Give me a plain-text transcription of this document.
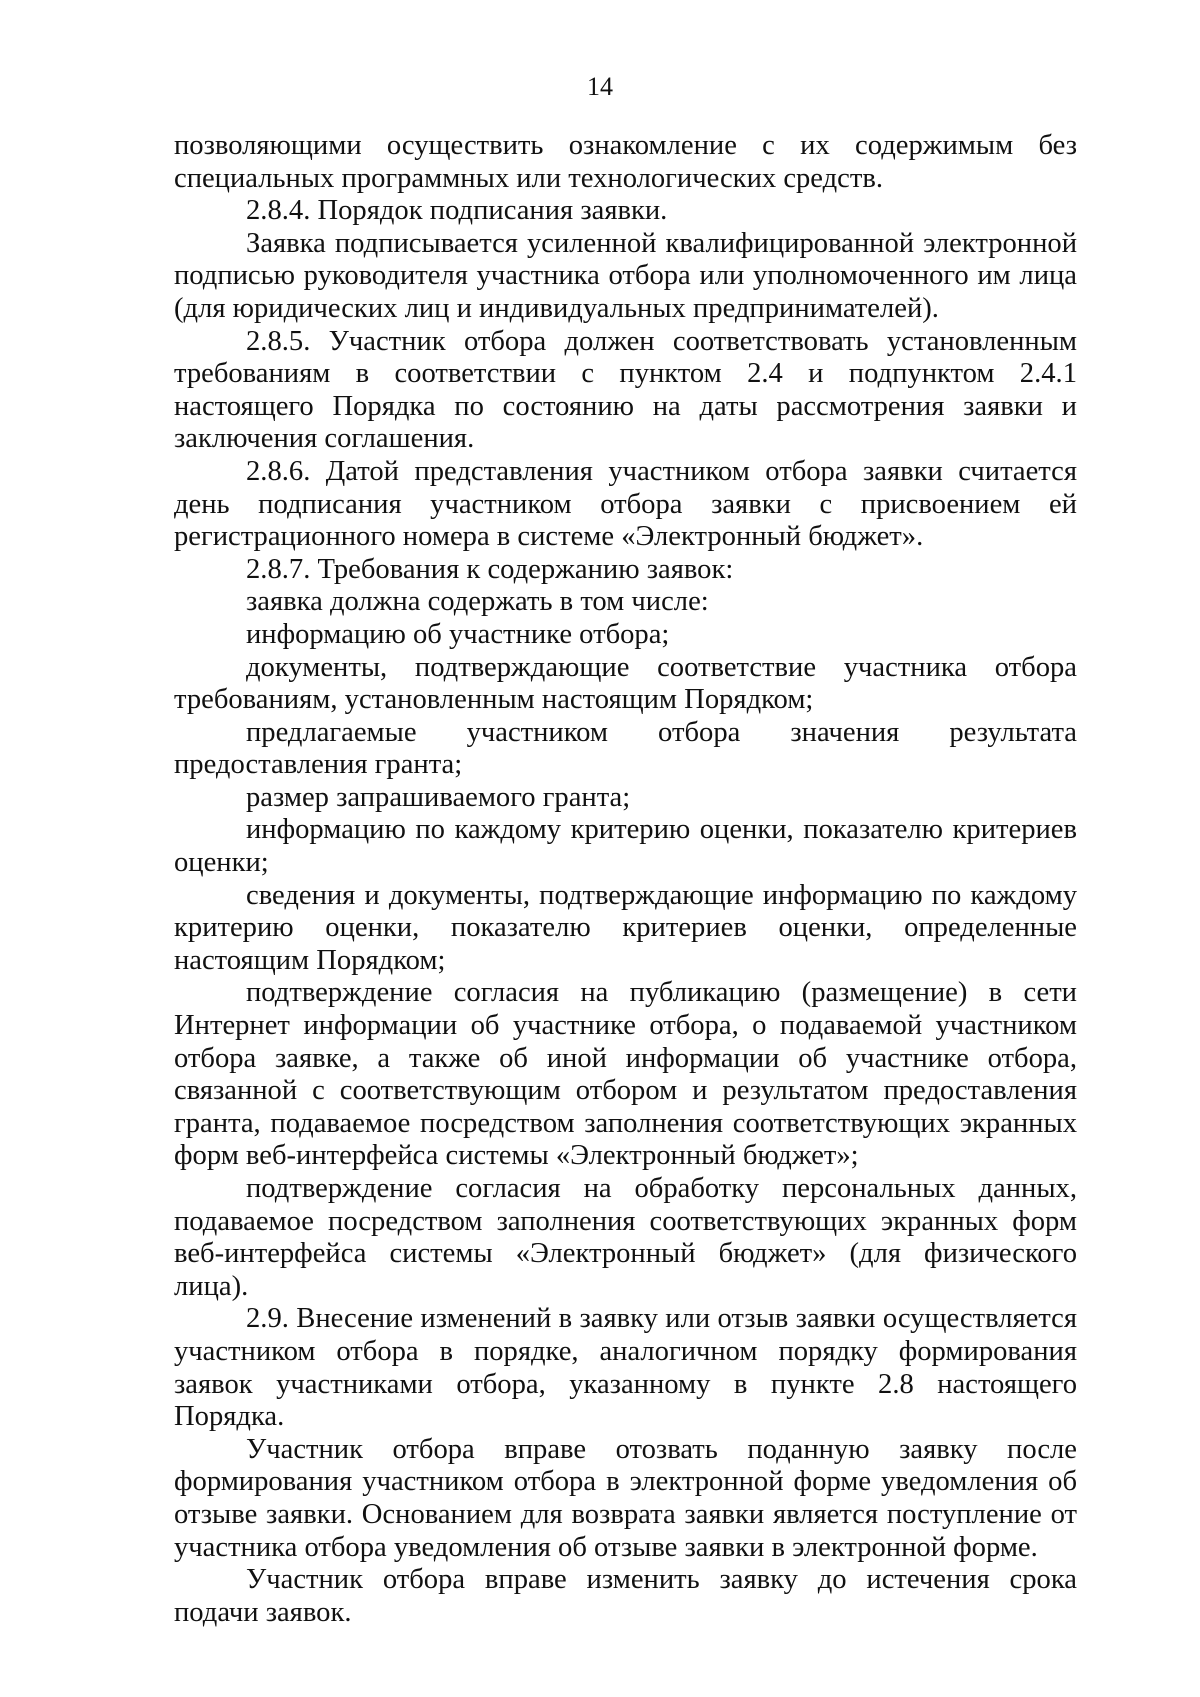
14

позволяющими осуществить ознакомление с их содержимым без специальных программных или технологических средств.

2.8.4. Порядок подписания заявки.

Заявка подписывается усиленной квалифицированной электронной подписью руководителя участника отбора или уполномоченного им лица (для юридических лиц и индивидуальных предпринимателей).

2.8.5. Участник отбора должен соответствовать установленным требованиям в соответствии с пунктом 2.4 и подпунктом 2.4.1 настоящего Порядка по состоянию на даты рассмотрения заявки и заключения соглашения.

2.8.6. Датой представления участником отбора заявки считается день подписания участником отбора заявки с присвоением ей регистрационного номера в системе «Электронный бюджет».

2.8.7. Требования к содержанию заявок:

заявка должна содержать в том числе:

информацию об участнике отбора;

документы, подтверждающие соответствие участника отбора требованиям, установленным настоящим Порядком;

предлагаемые участником отбора значения результата предоставления гранта;

размер запрашиваемого гранта;

информацию по каждому критерию оценки, показателю критериев оценки;

сведения и документы, подтверждающие информацию по каждому критерию оценки, показателю критериев оценки, определенные настоящим Порядком;

подтверждение согласия на публикацию (размещение) в сети Интернет информации об участнике отбора, о подаваемой участником отбора заявке, а также об иной информации об участнике отбора, связанной с соответствующим отбором и результатом предоставления гранта, подаваемое посредством заполнения соответствующих экранных форм веб-интерфейса системы «Электронный бюджет»;

подтверждение согласия на обработку персональных данных, подаваемое посредством заполнения соответствующих экранных форм веб-интерфейса системы «Электронный бюджет» (для физического лица).

2.9. Внесение изменений в заявку или отзыв заявки осуществляется участником отбора в порядке, аналогичном порядку формирования заявок участниками отбора, указанному в пункте 2.8 настоящего Порядка.

Участник отбора вправе отозвать поданную заявку после формирования участником отбора в электронной форме уведомления об отзыве заявки. Основанием для возврата заявки является поступление от участника отбора уведомления об отзыве заявки в электронной форме.

Участник отбора вправе изменить заявку до истечения срока подачи заявок.
